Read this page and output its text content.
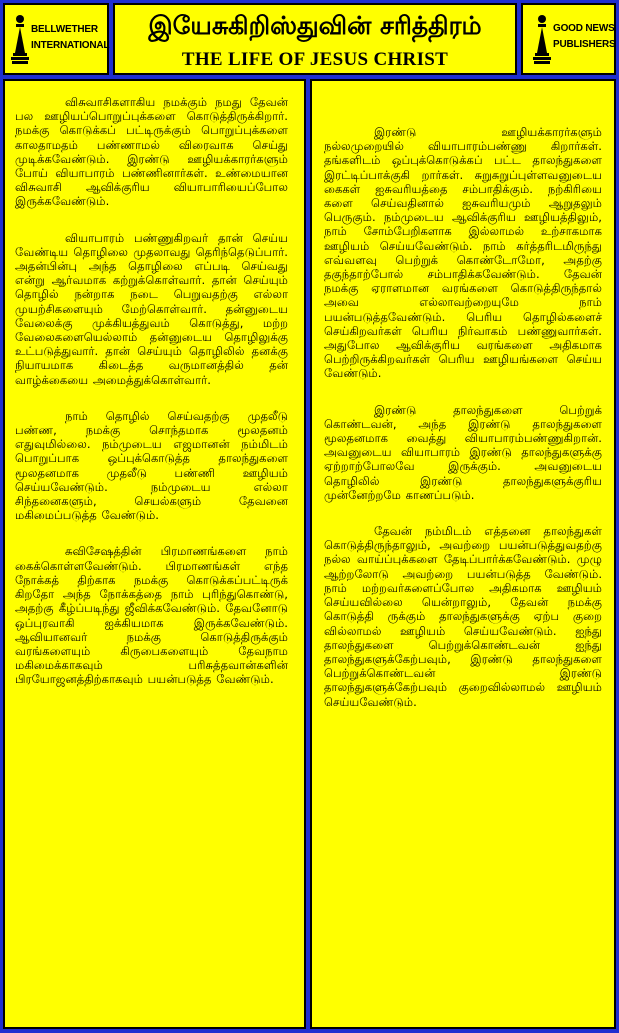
BELLWETHER
INTERNATIONAL
இயேசுகிறிஸ்துவின் சரித்திரம்
THE LIFE OF JESUS CHRIST
GOOD NEWS
PUBLISHERS

விசுவாசிகளாகிய நமக்கும் நமது தேவன் பல ஊழியப்பொறுப்புக்களை கொடுத்திருக்கிறார். நமக்கு கொடுக்கப் பட்டிருக்கும் பொறுப்புக்களை காலதாமதம் பண்ணாமல் விரைவாக செய்து முடிக்கவேண்டும். இரண்டு ஊழியக்காரர்களும் போய் வியாபாரம் பண்ணினார்கள். உண்மையான விசுவாசி ஆவிக்குரிய வியாபாரியைப்போல இருக்கவேண்டும்.

வியாபாரம் பண்ணுகிறவர் தான் செய்ய வேண்டிய தொழிலை முதலாவது தெரிந்தெடுப்பார். அதன்பின்பு அந்த தொழிலை எப்படி செய்வது என்று ஆர்வமாக கற்றுக்கொள்வார். தான் செய்யும் தொழில் நன்றாக நடை பெறுவதற்கு எல்லா முயற்சிகளையும் மேற்கொள்வார். தன்னுடைய வேலைக்கு முக்கியத்துவம் கொடுத்து, மற்ற வேலைகளையெல்லாம் தன்னுடைய தொழிலுக்கு உட்படுத்துவார். தான் செய்யும் தொழிலில் தனக்கு நியாயமாக கிடைத்த வருமானத்தில் தன் வாழ்க்கையை அமைத்துக்கொள்வார்.

நாம் தொழில் செய்வதற்கு முதலீடு பண்ண, நமக்கு சொந்தமாக மூலதனம் எதுவுமில்லை. நம்முடைய எஜமானன் நம்மிடம் பொறுப்பாக ஒப்புக்கொடுத்த தாலந்துகளை மூலதனமாக முதலீடு பண்ணி ஊழியம் செய்யவேண்டும். நம்முடைய எல்லா சிந்தனைகளும், செயல்களும் தேவனை மகிமைப்படுத்த வேண்டும்.

சுவிசேஷத்தின் பிரமாணங்களை நாம் கைக்கொள்ளவேண்டும். பிரமாணங்கள் எந்த நோக்கத் திற்காக நமக்கு கொடுக்கப்பட்டிருக் கிறதோ அந்த நோக்கத்தை நாம் புரிந்துகொண்டு, அதற்கு கீழ்ப்படிந்து ஜீவிக்கவேண்டும். தேவனோடு ஒப்புரவாகி ஐக்கியமாக இருக்கவேண்டும். ஆவியானவர் நமக்கு கொடுத்திருக்கும் வரங்களையும் கிருபைகளையும் தேவநாம மகிமைக்காகவும் பரிசுத்தவான்களின் பிரயோஜனத்திற்காகவும் பயன்படுத்த வேண்டும்.

இரண்டு ஊழியக்காரர்களும் நல்லமுறையில் வியாபாரம்பண்ணு கிறார்கள். தங்களிடம் ஒப்புக்கொடுக்கப் பட்ட தாலந்துகளை இரட்டிப்பாக்குகி றார்கள். சுறுசுறுப்புள்ளவனுடைய கைகள் ஐசுவரியத்தை சம்பாதிக்கும். நற்கிரியை களை செய்வதினால் ஐசுவரியமும் ஆறுதலும் பெருகும். நம்முடைய ஆவிக்குரிய ஊழியத்திலும், நாம் சோம்பேறிகளாக இல்லாமல் உற்சாகமாக ஊழியம் செய்யவேண்டும். நாம் கர்த்தரிடமிருந்து எவ்வளவு பெற்றுக் கொண்டோமோ, அதற்கு தகுந்தாற்போல் சம்பாதிக்கவேண்டும். தேவன் நமக்கு ஏராளமான வரங்களை கொடுத்திருந்தால் அவை எல்லாவற்றையுமே நாம் பயன்படுத்தவேண்டும். பெரிய தொழில்களைச் செய்கிறவர்கள் பெரிய நிர்வாகம் பண்ணுவார்கள். அதுபோல ஆவிக்குரிய வரங்களை அதிகமாக பெற்றிருக்கிறவர்கள் பெரிய ஊழியங்களை செய்ய வேண்டும்.

இரண்டு தாலந்துகளை பெற்றுக் கொண்டவன், அந்த இரண்டு தாலந்துகளை மூலதனமாக வைத்து வியாபாரம்பண்ணுகிறான். அவனுடைய வியாபாரம் இரண்டு தாலந்துகளுக்கு ஏற்றாற்போலவே இருக்கும். அவனுடைய தொழிலில் இரண்டு தாலந்துகளுக்குரிய முன்னேற்றமே காணப்படும்.

தேவன் நம்மிடம் எத்தனை தாலந்துகள் கொடுத்திருந்தாலும், அவற்றை பயன்படுத்துவதற்கு நல்ல வாய்ப்புக்களை தேடிப்பார்க்கவேண்டும். முழு ஆற்றலோடு அவற்றை பயன்படுத்த வேண்டும். நாம் மற்றவர்களைப்போல அதிகமாக ஊழியம் செய்யவில்லை யென்றாலும், தேவன் நமக்கு கொடுத்தி ருக்கும் தாலந்துகளுக்கு ஏற்ப குறை வில்லாமல் ஊழியம் செய்யவேண்டும். ஐந்து தாலந்துகளை பெற்றுக்கொண்டவன் ஐந்து தாலந்துகளுக்கேற்பவும், இரண்டு தாலந்துகளை பெற்றுக்கொண்டவன் இரண்டு தாலந்துகளுக்கேற்பவும் குறைவில்லாமல் ஊழியம் செய்யவேண்டும்.
